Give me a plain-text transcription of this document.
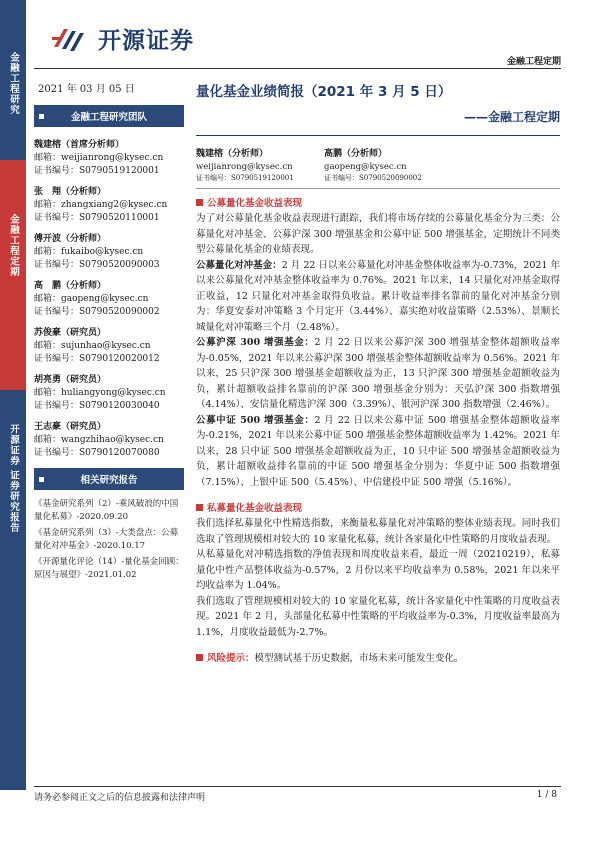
金融工程研究
金融工程定期
开源证券 证券研究报告
开源证券
金融工程定期
2021 年 03 月 05 日
金融工程研究团队
魏建榕（首席分析师）
邮箱：weijianrong@kysec.cn
证书编号：S0790519120001
张　翔（分析师）
邮箱：zhangxiang2@kysec.cn
证书编号：S0790520110001
傅开波（分析师）
邮箱：fukaibo@kysec.cn
证书编号：S0790520090003
高　鹏（分析师）
邮箱：gaopeng@kysec.cn
证书编号：S0790520090002
苏俊豪（研究员）
邮箱：sujunhao@kysec.cn
证书编号：S0790120020012
胡亮勇（研究员）
邮箱：huliangyong@kysec.cn
证书编号：S0790120030040
王志豪（研究员）
邮箱：wangzhihao@kysec.cn
证书编号：S0790120070080
相关研究报告
《基金研究系列（2）-乘风破浪的中国量化私募》-2020.09.20
《基金研究系列（3）-大类盘点：公募量化对冲基金》-2020.10.17
《开源量化评论（14）-量化基金回顾：原因与展望》-2021.01.02
量化基金业绩简报（2021 年 3 月 5 日）
——金融工程定期
魏建榕（分析师）
weijianrong@kysec.cn
证书编号：S0790519120001
高鹏（分析师）
gaopeng@kysec.cn
证书编号：S0790520090002
公募量化基金收益表现

为了对公募量化基金收益表现进行跟踪，我们将市场存续的公募量化基金分为三类：公募量化对冲基金、公募沪深 300 增强基金和公募中证 500 增强基金，定期统计不同类型公募量化基金的业绩表现。

公募量化对冲基金：2 月 22 日以来公募量化对冲基金整体收益率为-0.73%，2021 年以来公募量化对冲基金整体收益率为 0.76%。2021 年以来，14 只量化对冲基金取得正收益，12 只量化对冲基金取得负收益。累计收益率排名靠前的量化对冲基金分别为：华夏安泰对冲策略 3 个月定开（3.44%）、嘉实绝对收益策略（2.53%）、景顺长城量化对冲策略三个月（2.48%）。

公募沪深 300 增强基金：2 月 22 日以来公募沪深 300 增强基金整体超额收益率为-0.05%，2021 年以来公募沪深 300 增强基金整体超额收益率为 0.56%。2021 年以来，25 只沪深 300 增强基金超额收益为正，13 只沪深 300 增强基金超额收益为负，累计超额收益排名靠前的沪深 300 增强基金分别为：天弘沪深 300 指数增强（4.14%）、安信量化精选沪深 300（3.39%）、银河沪深 300 指数增强（2.46%）。

公募中证 500 增强基金：2 月 22 日以来公募中证 500 增强基金整体超额收益率为-0.21%，2021 年以来公募中证 500 增强基金整体超额收益率为 1.42%。2021 年以来，28 只中证 500 增强基金超额收益为正，10 只中证 500 增强基金超额收益为负，累计超额收益排名靠前的中证 500 增强基金分别为：华夏中证 500 指数增强（7.15%）、上银中证 500（5.45%）、中信建投中证 500 增强（5.16%）。

私募量化基金收益表现

我们选择私募量化中性精选指数，来衡量私募量化对冲策略的整体业绩表现。同时我们选取了管理规模相对较大的 10 家量化私募，统计各家量化中性策略的月度收益表现。

从私募量化对冲精选指数的净值表现和周度收益来看，最近一周（20210219），私募量化中性产品整体收益为-0.57%，2 月份以来平均收益率为 0.58%，2021 年以来平均收益率为 1.04%。

我们选取了管理规模相对较大的 10 家量化私募，统计各家量化中性策略的月度收益表现。2021 年 2 月，头部量化私募中性策略的平均收益率为-0.3%，月度收益率最高为 1.1%，月度收益最低为-2.7%。

风险提示： 模型测试基于历史数据，市场未来可能发生变化。
请务必参阅正文之后的信息披露和法律声明	1 / 8
